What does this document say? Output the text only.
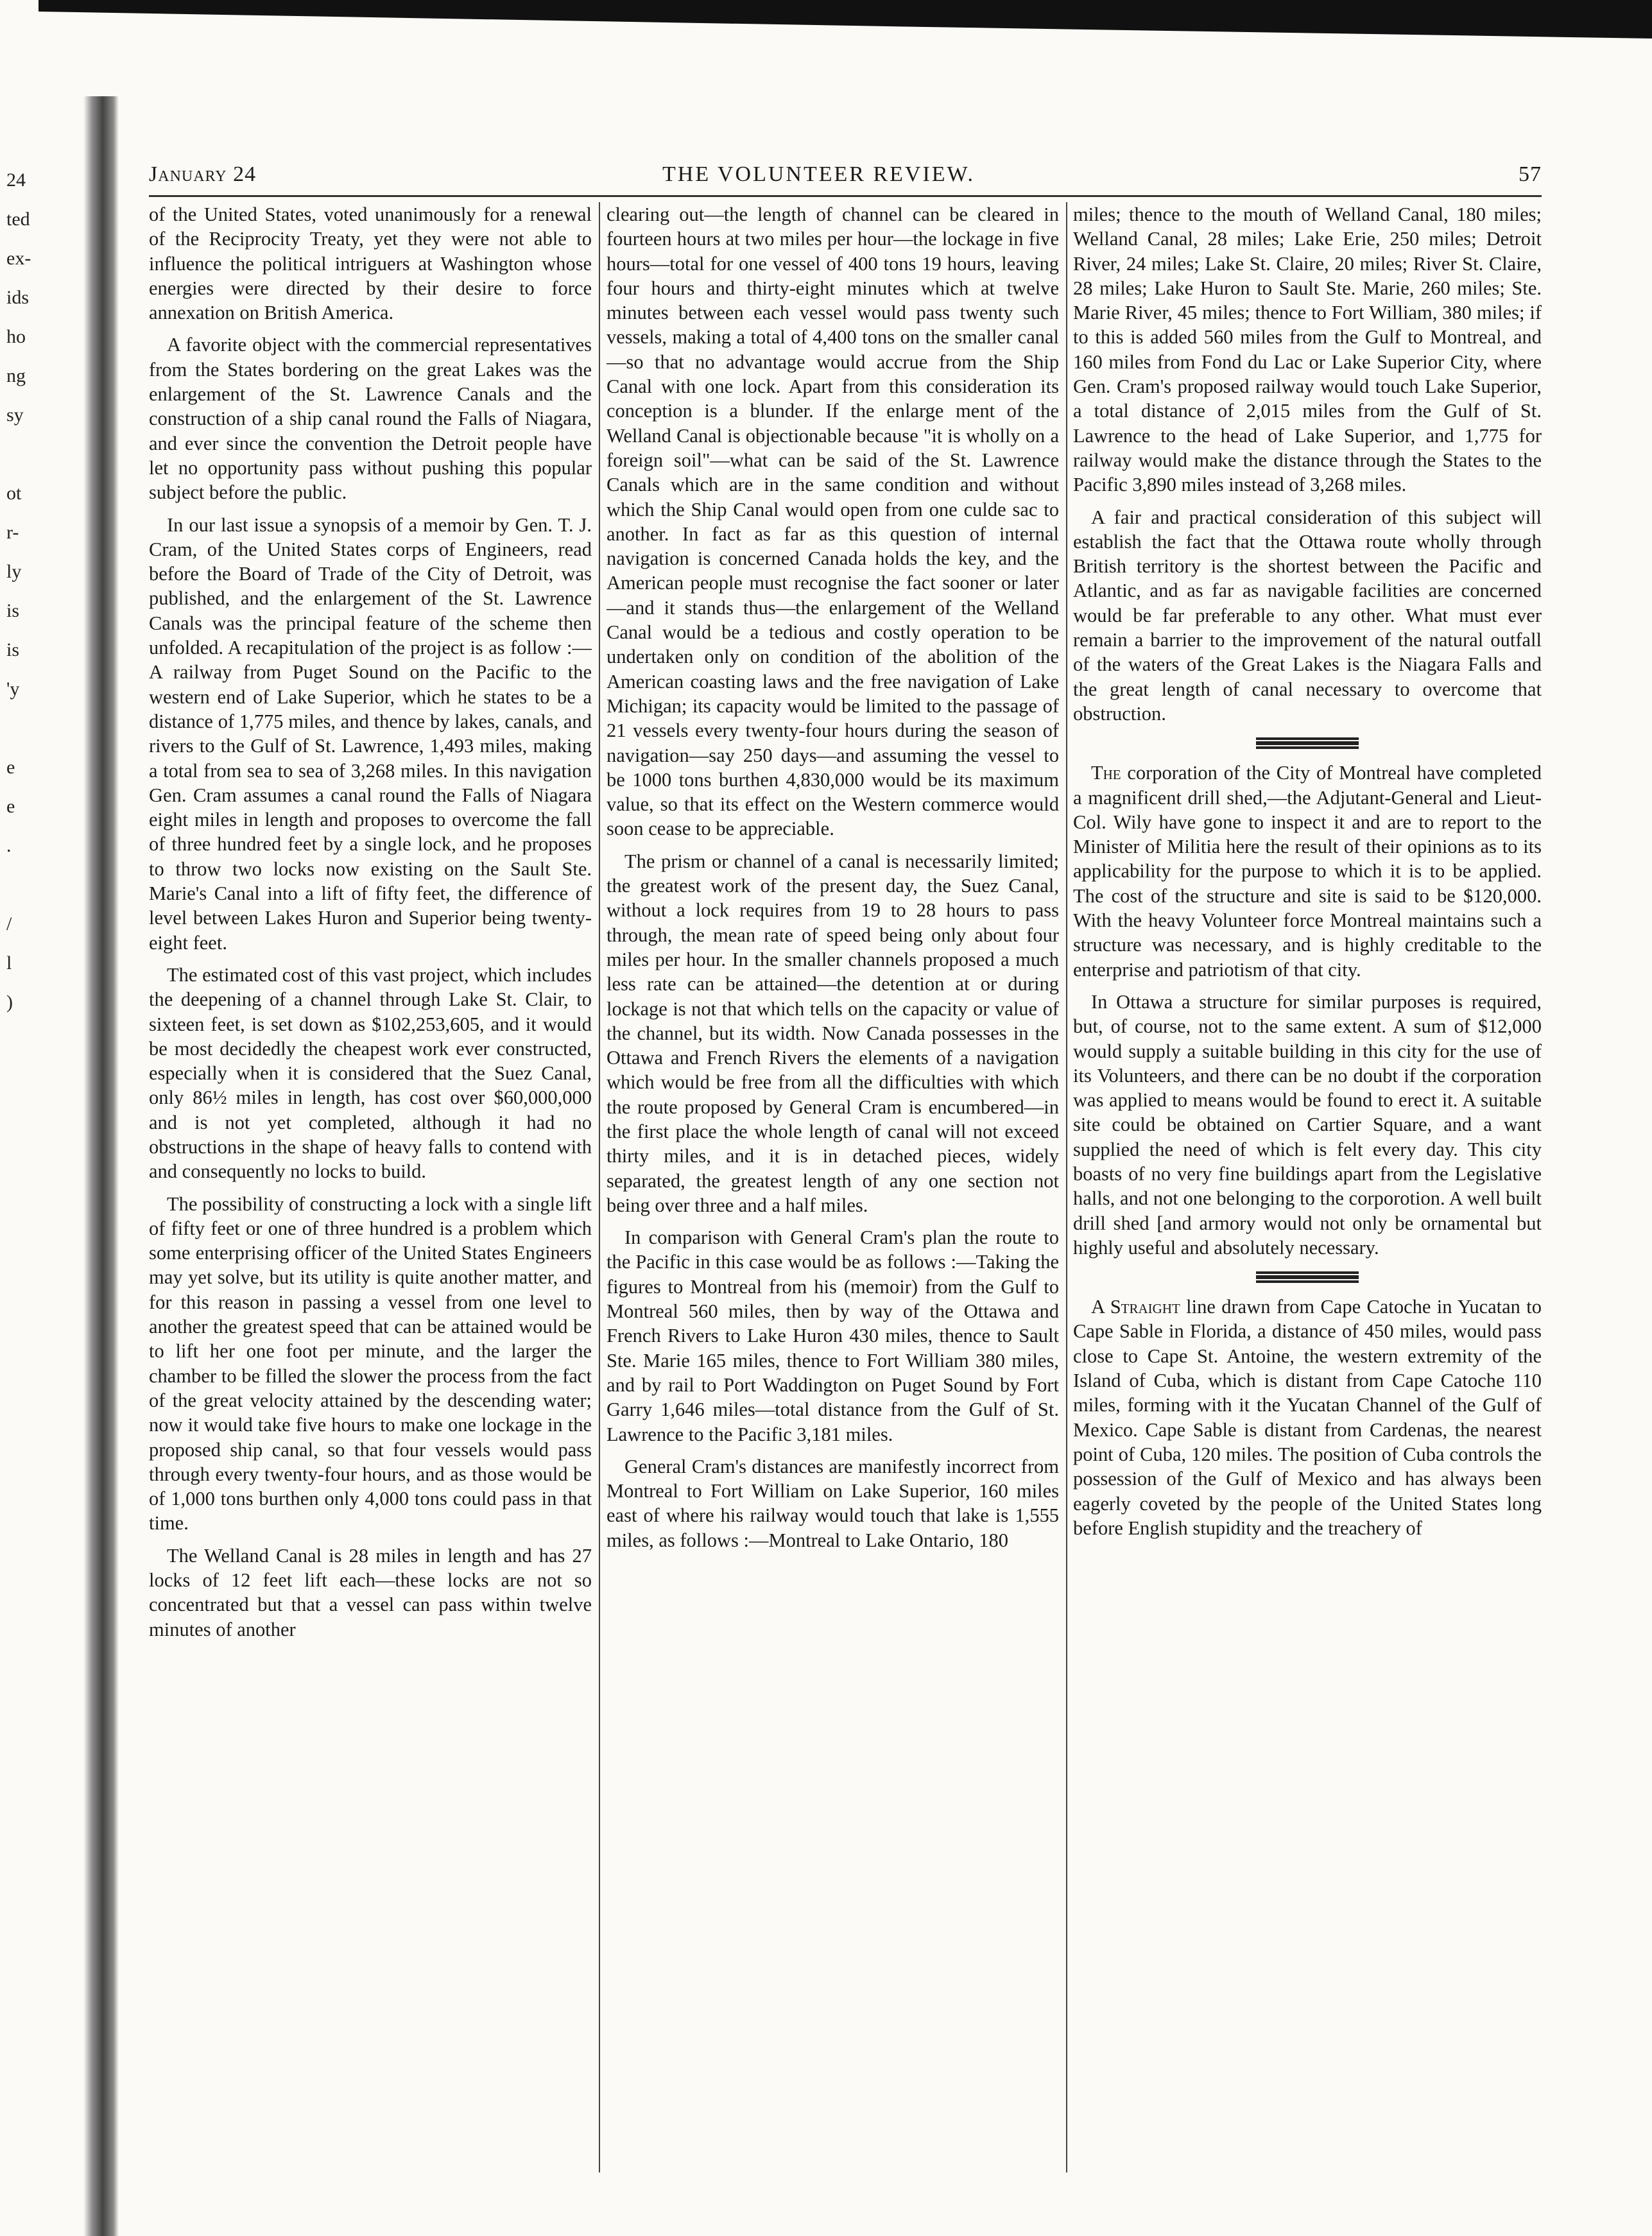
24
ted
ex-
ids
ho
ng
sy
ot
r-
ly
is
is
'y
e
e
.
/
l
)
January 24	THE VOLUNTEER REVIEW.	57

of the United States, voted unanimously for a renewal of the Reciprocity Treaty, yet they were not able to influence the political intriguers at Washington whose energies were directed by their desire to force annexation on British America.

A favorite object with the commercial representatives from the States bordering on the great Lakes was the enlargement of the St. Lawrence Canals and the construction of a ship canal round the Falls of Niagara, and ever since the convention the Detroit people have let no opportunity pass without pushing this popular subject before the public.

In our last issue a synopsis of a memoir by Gen. T. J. Cram, of the United States corps of Engineers, read before the Board of Trade of the City of Detroit, was published, and the enlargement of the St. Lawrence Canals was the principal feature of the scheme then unfolded. A recapitulation of the project is as follow :—A railway from Puget Sound on the Pacific to the western end of Lake Superior, which he states to be a distance of 1,775 miles, and thence by lakes, canals, and rivers to the Gulf of St. Lawrence, 1,493 miles, making a total from sea to sea of 3,268 miles. In this navigation Gen. Cram assumes a canal round the Falls of Niagara eight miles in length and proposes to overcome the fall of three hundred feet by a single lock, and he proposes to throw two locks now existing on the Sault Ste. Marie's Canal into a lift of fifty feet, the difference of level between Lakes Huron and Superior being twenty-eight feet.

The estimated cost of this vast project, which includes the deepening of a channel through Lake St. Clair, to sixteen feet, is set down as $102,253,605, and it would be most decidedly the cheapest work ever constructed, especially when it is considered that the Suez Canal, only 86½ miles in length, has cost over $60,000,000 and is not yet completed, although it had no obstructions in the shape of heavy falls to contend with and consequently no locks to build.

The possibility of constructing a lock with a single lift of fifty feet or one of three hundred is a problem which some enterprising officer of the United States Engineers may yet solve, but its utility is quite another matter, and for this reason in passing a vessel from one level to another the greatest speed that can be attained would be to lift her one foot per minute, and the larger the chamber to be filled the slower the process from the fact of the great velocity attained by the descending water; now it would take five hours to make one lockage in the proposed ship canal, so that four vessels would pass through every twenty-four hours, and as those would be of 1,000 tons burthen only 4,000 tons could pass in that time.

The Welland Canal is 28 miles in length and has 27 locks of 12 feet lift each—these locks are not so concentrated but that a vessel can pass within twelve minutes of another

clearing out—the length of channel can be cleared in fourteen hours at two miles per hour—the lockage in five hours—total for one vessel of 400 tons 19 hours, leaving four hours and thirty-eight minutes which at twelve minutes between each vessel would pass twenty such vessels, making a total of 4,400 tons on the smaller canal—so that no advantage would accrue from the Ship Canal with one lock. Apart from this consideration its conception is a blunder. If the enlarge ment of the Welland Canal is objectionable because "it is wholly on a foreign soil"—what can be said of the St. Lawrence Canals which are in the same condition and without which the Ship Canal would open from one culde sac to another. In fact as far as this question of internal navigation is concerned Canada holds the key, and the American people must recognise the fact sooner or later—and it stands thus—the enlargement of the Welland Canal would be a tedious and costly operation to be undertaken only on condition of the abolition of the American coasting laws and the free navigation of Lake Michigan; its capacity would be limited to the passage of 21 vessels every twenty-four hours during the season of navigation—say 250 days—and assuming the vessel to be 1000 tons burthen 4,830,000 would be its maximum value, so that its effect on the Western commerce would soon cease to be appreciable.

The prism or channel of a canal is necessarily limited; the greatest work of the present day, the Suez Canal, without a lock requires from 19 to 28 hours to pass through, the mean rate of speed being only about four miles per hour. In the smaller channels proposed a much less rate can be attained—the detention at or during lockage is not that which tells on the capacity or value of the channel, but its width. Now Canada possesses in the Ottawa and French Rivers the elements of a navigation which would be free from all the difficulties with which the route proposed by General Cram is encumbered—in the first place the whole length of canal will not exceed thirty miles, and it is in detached pieces, widely separated, the greatest length of any one section not being over three and a half miles.

In comparison with General Cram's plan the route to the Pacific in this case would be as follows :—Taking the figures to Montreal from his (memoir) from the Gulf to Montreal 560 miles, then by way of the Ottawa and French Rivers to Lake Huron 430 miles, thence to Sault Ste. Marie 165 miles, thence to Fort William 380 miles, and by rail to Port Waddington on Puget Sound by Fort Garry 1,646 miles—total distance from the Gulf of St. Lawrence to the Pacific 3,181 miles.

General Cram's distances are manifestly incorrect from Montreal to Fort William on Lake Superior, 160 miles east of where his railway would touch that lake is 1,555 miles, as follows :—Montreal to Lake Ontario, 180

miles; thence to the mouth of Welland Canal, 180 miles; Welland Canal, 28 miles; Lake Erie, 250 miles; Detroit River, 24 miles; Lake St. Claire, 20 miles; River St. Claire, 28 miles; Lake Huron to Sault Ste. Marie, 260 miles; Ste. Marie River, 45 miles; thence to Fort William, 380 miles; if to this is added 560 miles from the Gulf to Montreal, and 160 miles from Fond du Lac or Lake Superior City, where Gen. Cram's proposed railway would touch Lake Superior, a total distance of 2,015 miles from the Gulf of St. Lawrence to the head of Lake Superior, and 1,775 for railway would make the distance through the States to the Pacific 3,890 miles instead of 3,268 miles.

A fair and practical consideration of this subject will establish the fact that the Ottawa route wholly through British territory is the shortest between the Pacific and Atlantic, and as far as navigable facilities are concerned would be far preferable to any other. What must ever remain a barrier to the improvement of the natural outfall of the waters of the Great Lakes is the Niagara Falls and the great length of canal necessary to overcome that obstruction.

The corporation of the City of Montreal have completed a magnificent drill shed,—the Adjutant-General and Lieut-Col. Wily have gone to inspect it and are to report to the Minister of Militia here the result of their opinions as to its applicability for the purpose to which it is to be applied. The cost of the structure and site is said to be $120,000. With the heavy Volunteer force Montreal maintains such a structure was necessary, and is highly creditable to the enterprise and patriotism of that city.

In Ottawa a structure for similar purposes is required, but, of course, not to the same extent. A sum of $12,000 would supply a suitable building in this city for the use of its Volunteers, and there can be no doubt if the corporation was applied to means would be found to erect it. A suitable site could be obtained on Cartier Square, and a want supplied the need of which is felt every day. This city boasts of no very fine buildings apart from the Legislative halls, and not one belonging to the corporotion. A well built drill shed [and armory would not only be ornamental but highly useful and absolutely necessary.

A Straight line drawn from Cape Catoche in Yucatan to Cape Sable in Florida, a distance of 450 miles, would pass close to Cape St. Antoine, the western extremity of the Island of Cuba, which is distant from Cape Catoche 110 miles, forming with it the Yucatan Channel of the Gulf of Mexico. Cape Sable is distant from Cardenas, the nearest point of Cuba, 120 miles. The position of Cuba controls the possession of the Gulf of Mexico and has always been eagerly coveted by the people of the United States long before English stupidity and the treachery of
